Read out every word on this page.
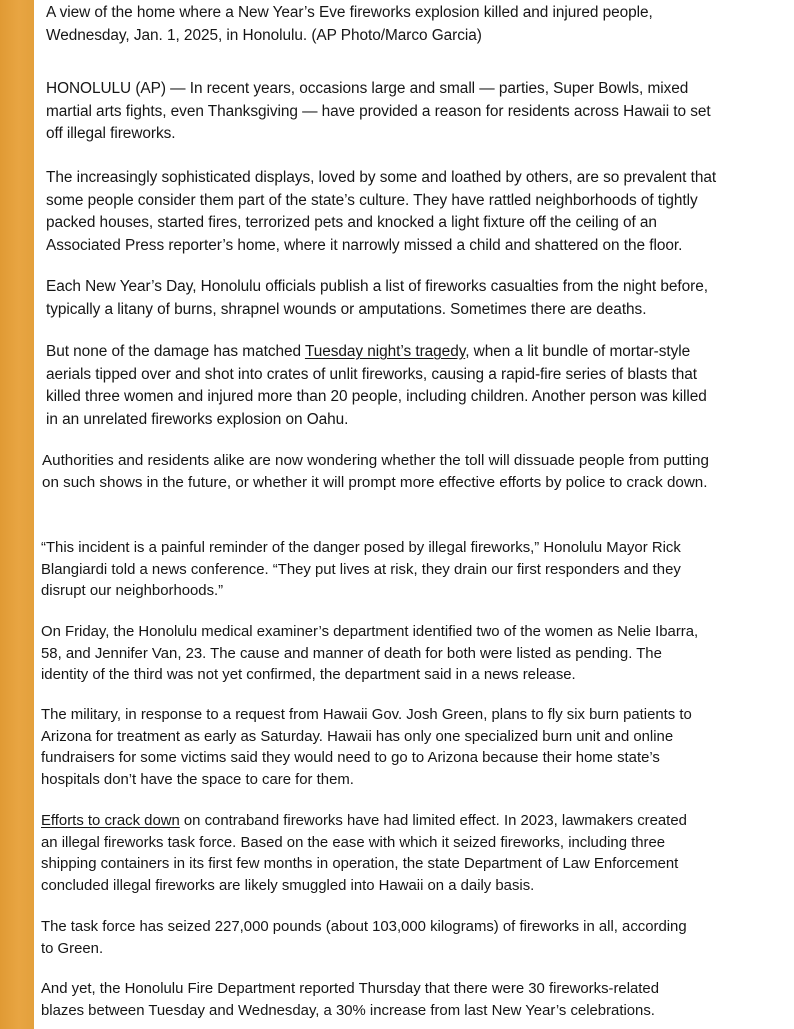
A view of the home where a New Year’s Eve fireworks explosion killed and injured people,
Wednesday, Jan. 1, 2025, in Honolulu. (AP Photo/Marco Garcia)

HONOLULU (AP) — In recent years, occasions large and small — parties, Super Bowls, mixed
martial arts fights, even Thanksgiving — have provided a reason for residents across Hawaii to set
off illegal fireworks.

The increasingly sophisticated displays, loved by some and loathed by others, are so prevalent that
some people consider them part of the state’s culture. They have rattled neighborhoods of tightly
packed houses, started fires, terrorized pets and knocked a light fixture off the ceiling of an
Associated Press reporter’s home, where it narrowly missed a child and shattered on the floor.

Each New Year’s Day, Honolulu officials publish a list of fireworks casualties from the night before,
typically a litany of burns, shrapnel wounds or amputations. Sometimes there are deaths.

But none of the damage has matched Tuesday night’s tragedy, when a lit bundle of mortar-style
aerials tipped over and shot into crates of unlit fireworks, causing a rapid-fire series of blasts that
killed three women and injured more than 20 people, including children. Another person was killed
in an unrelated fireworks explosion on Oahu.

Authorities and residents alike are now wondering whether the toll will dissuade people from putting
on such shows in the future, or whether it will prompt more effective efforts by police to crack down.

“This incident is a painful reminder of the danger posed by illegal fireworks,” Honolulu Mayor Rick
Blangiardi told a news conference. “They put lives at risk, they drain our first responders and they
disrupt our neighborhoods.”

On Friday, the Honolulu medical examiner’s department identified two of the women as Nelie Ibarra,
58, and Jennifer Van, 23. The cause and manner of death for both were listed as pending. The
identity of the third was not yet confirmed, the department said in a news release.

The military, in response to a request from Hawaii Gov. Josh Green, plans to fly six burn patients to
Arizona for treatment as early as Saturday. Hawaii has only one specialized burn unit and online
fundraisers for some victims said they would need to go to Arizona because their home state’s
hospitals don’t have the space to care for them.

Efforts to crack down on contraband fireworks have had limited effect. In 2023, lawmakers created
an illegal fireworks task force. Based on the ease with which it seized fireworks, including three
shipping containers in its first few months in operation, the state Department of Law Enforcement
concluded illegal fireworks are likely smuggled into Hawaii on a daily basis.

The task force has seized 227,000 pounds (about 103,000 kilograms) of fireworks in all, according
to Green.

And yet, the Honolulu Fire Department reported Thursday that there were 30 fireworks-related
blazes between Tuesday and Wednesday, a 30% increase from last New Year’s celebrations.
